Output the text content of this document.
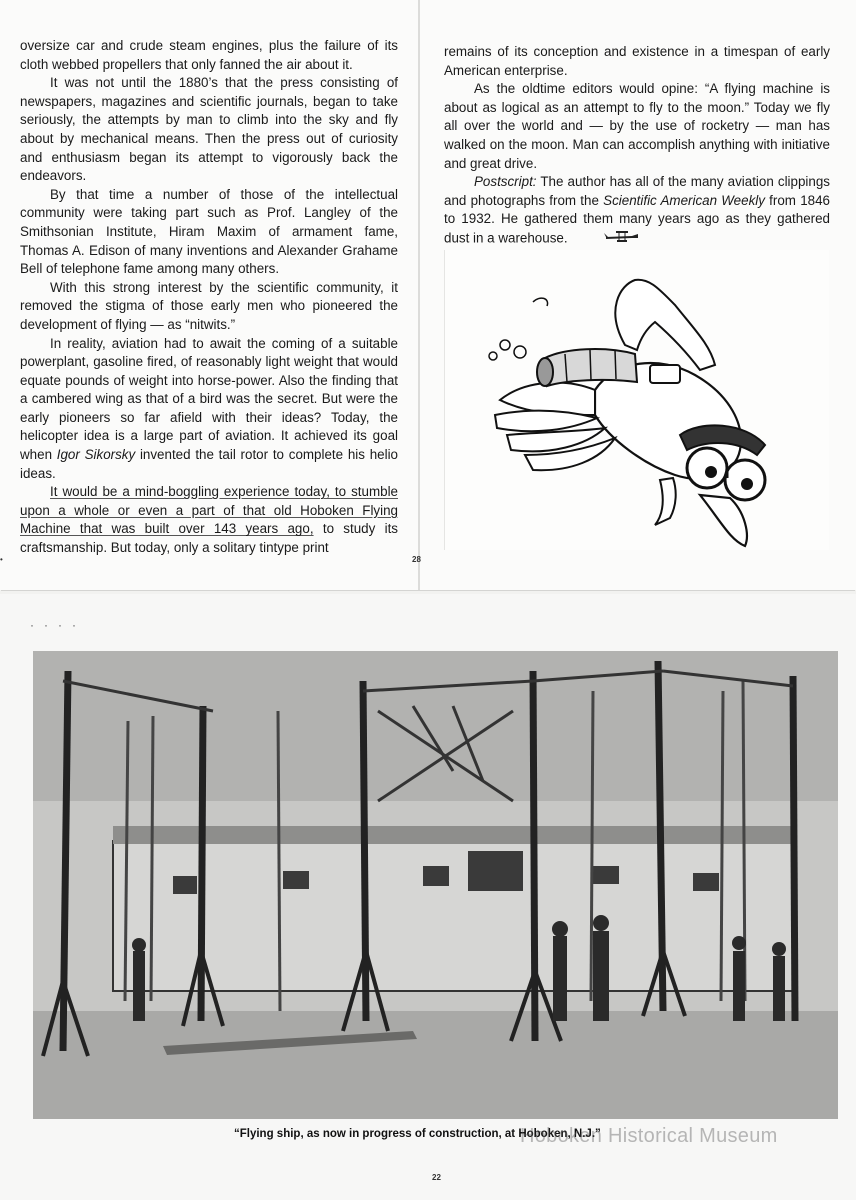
•

oversize car and crude steam engines, plus the failure of its cloth webbed propellers that only fanned the air about it.

It was not until the 1880’s that the press consisting of newspapers, magazines and scientific journals, began to take seriously, the attempts by man to climb into the sky and fly about by mechanical means. Then the press out of curiosity and enthusiasm began its attempt to vigorously back the endeavors.

By that time a number of those of the intellectual community were taking part such as Prof. Langley of the Smithsonian Institute, Hiram Maxim of armament fame, Thomas A. Edison of many inventions and Alexander Grahame Bell of telephone fame among many others.

With this strong interest by the scientific community, it removed the stigma of those early men who pioneered the development of flying — as “nitwits.”

In reality, aviation had to await the coming of a suitable powerplant, gasoline fired, of reasonably light weight that would equate pounds of weight into horse-power. Also the finding that a cambered wing as that of a bird was the secret. But were the early pioneers so far afield with their ideas? Today, the helicopter idea is a large part of aviation. It achieved its goal when Igor Sikorsky invented the tail rotor to complete his helio ideas.

It would be a mind-boggling experience today, to stumble upon a whole or even a part of that old Hoboken Flying Machine that was built over 143 years ago, to study its craftsmanship. But today, only a solitary tintype print

28

remains of its conception and existence in a timespan of early American enterprise.

As the oldtime editors would opine: “A flying machine is about as logical as an attempt to fly to the moon.” Today we fly all over the world and — by the use of rocketry — man has walked on the moon. Man can accomplish anything with initiative and great drive.

Postscript: The author has all of the many aviation clippings and photographs from the Scientific American Weekly from 1846 to 1932. He gathered them many years ago as they gathered dust in a warehouse.

····
“Flying ship, as now in progress of construction, at Hoboken, N.J.”
Hoboken Historical Museum
22
